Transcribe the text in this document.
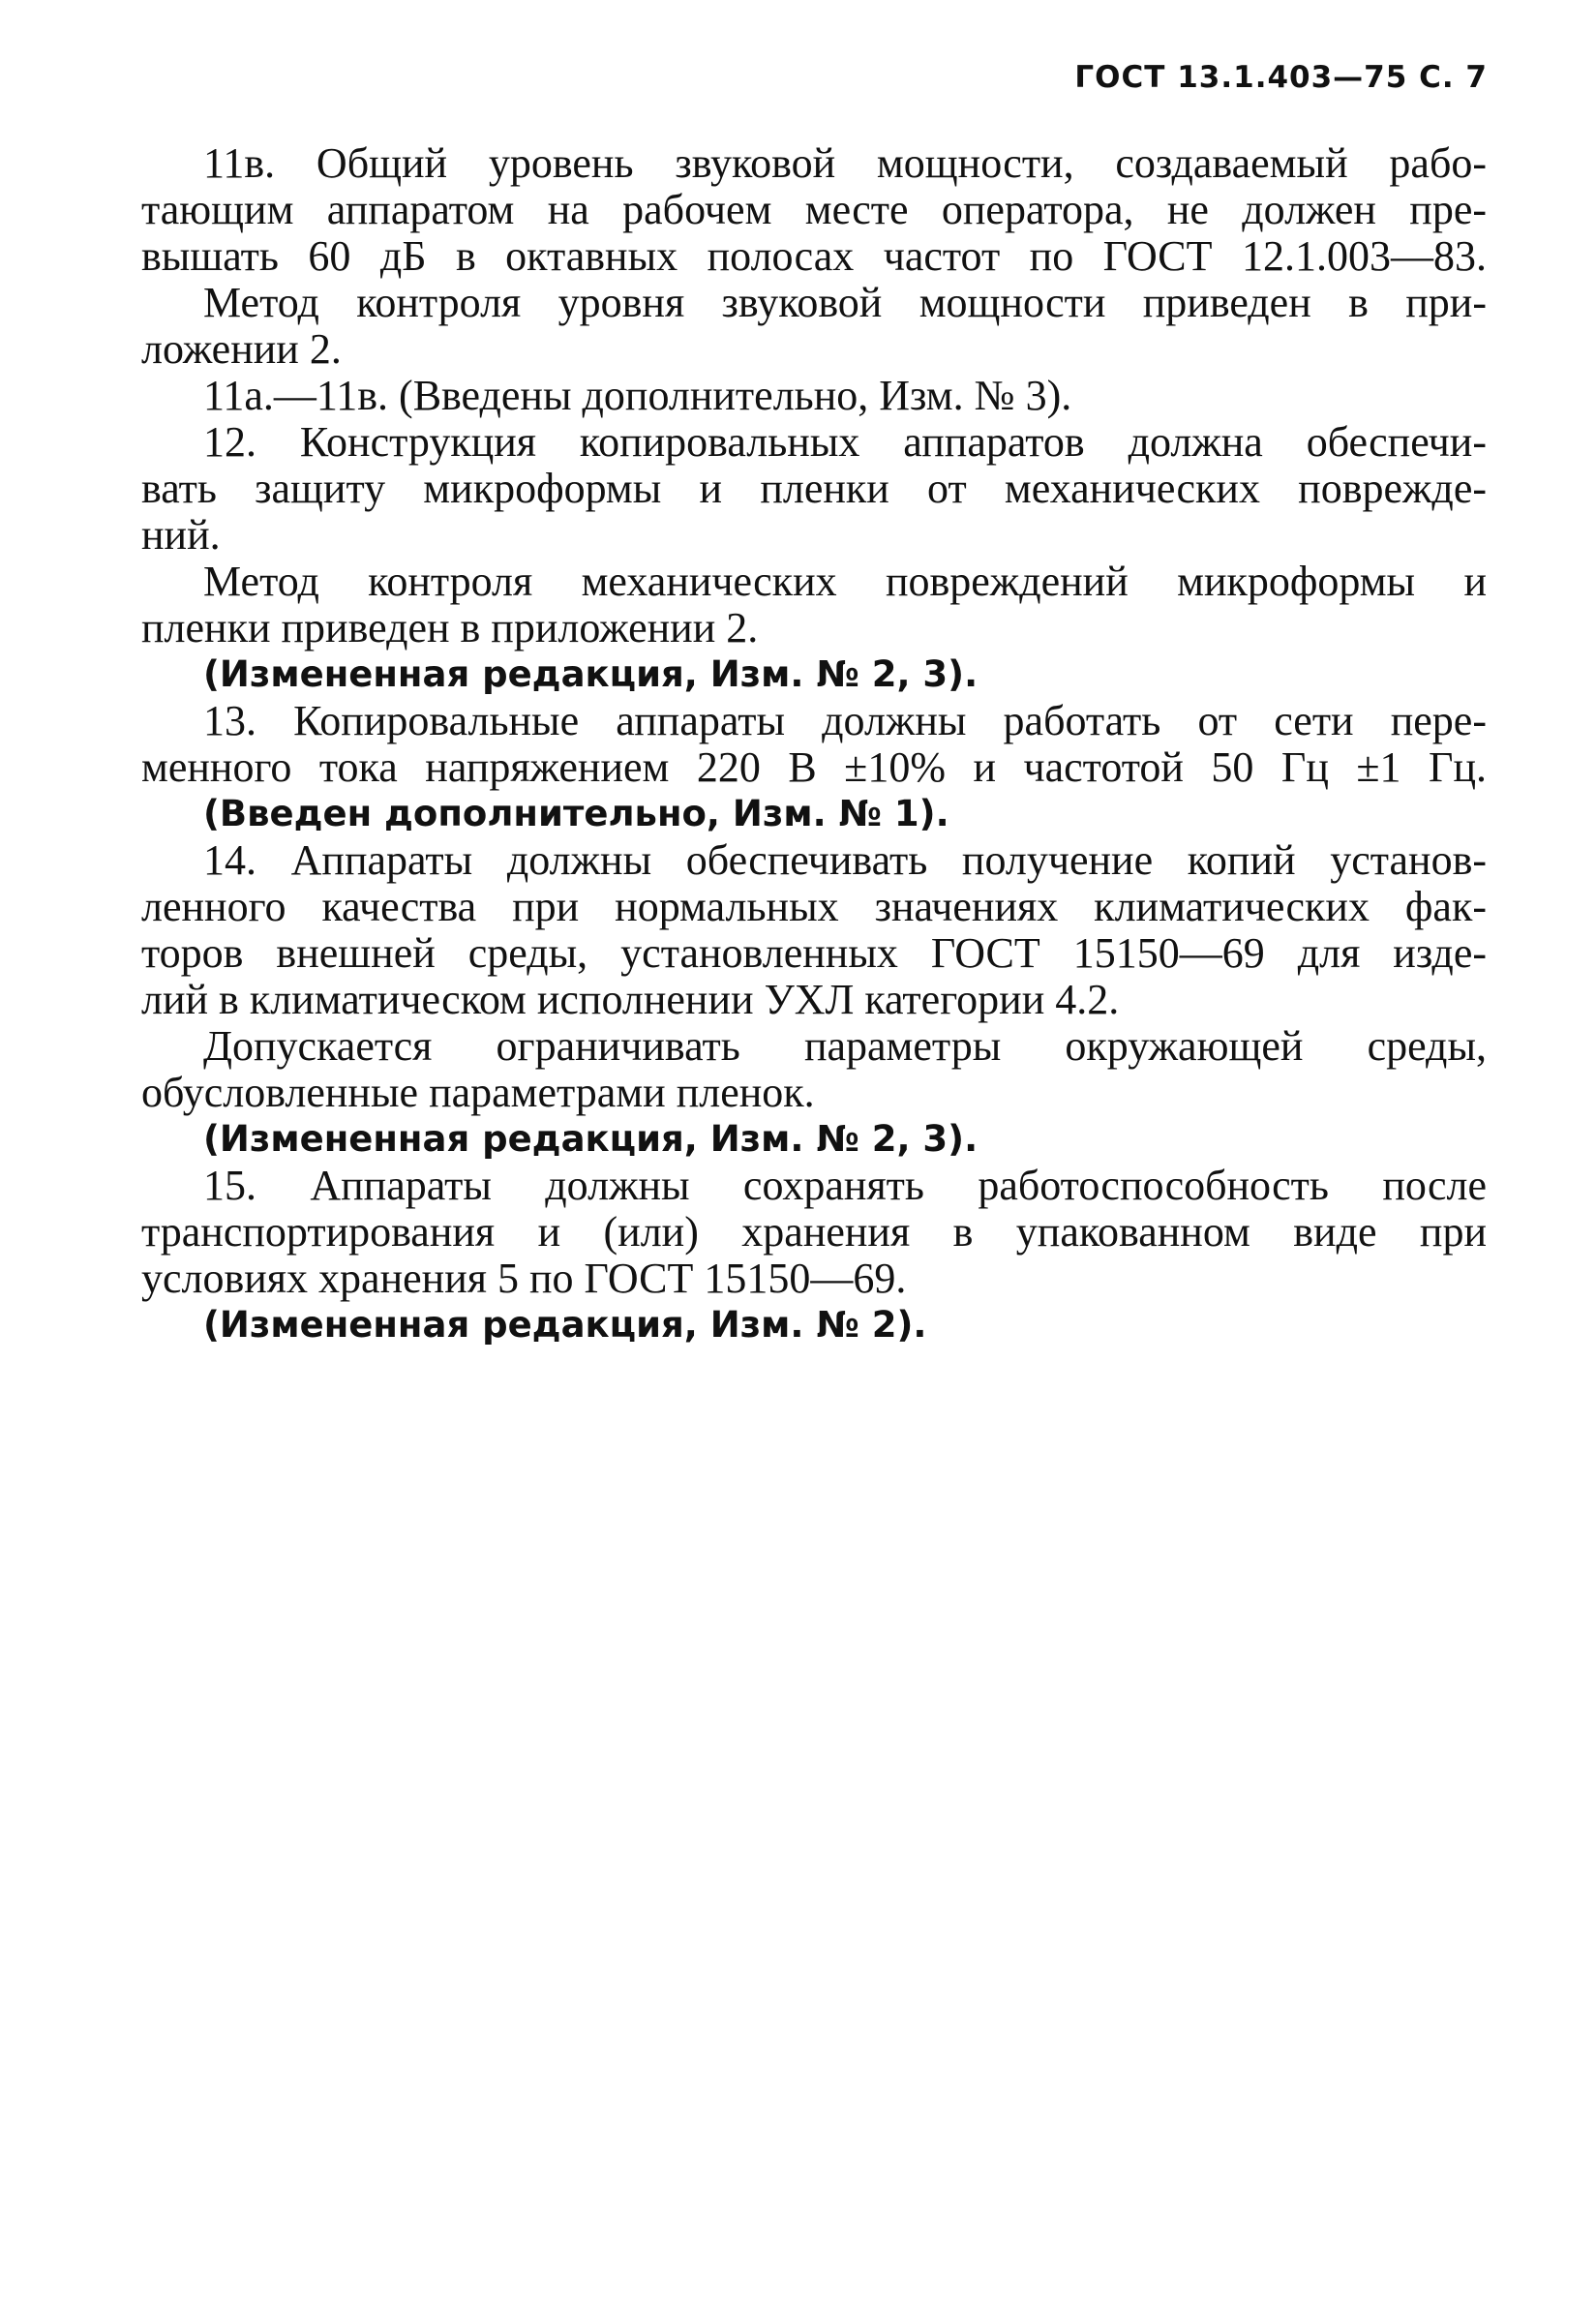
ГОСТ 13.1.403—75 С. 7
11в. Общий уровень звуковой мощности, создаваемый рабо-
тающим аппаратом на рабочем месте оператора, не должен пре-
вышать 60 дБ в октавных полосах частот по ГОСТ 12.1.003—83.
Метод контроля уровня звуковой мощности приведен в при-
ложении 2.
11а.—11в. (Введены дополнительно, Изм. № 3).
12. Конструкция копировальных аппаратов должна обеспечи-
вать защиту микроформы и пленки от механических поврежде-
ний.
Метод контроля механических повреждений микроформы и
пленки приведен в приложении 2.
(Измененная редакция, Изм. № 2, 3).
13. Копировальные аппараты должны работать от сети пере-
менного тока напряжением 220 В ±10% и частотой 50 Гц ±1 Гц.
(Введен дополнительно, Изм. № 1).
14. Аппараты должны обеспечивать получение копий установ-
ленного качества при нормальных значениях климатических фак-
торов внешней среды, установленных ГОСТ 15150—69 для изде-
лий в климатическом исполнении УХЛ категории 4.2.
Допускается ограничивать параметры окружающей среды,
обусловленные параметрами пленок.
(Измененная редакция, Изм. № 2, 3).
15. Аппараты должны сохранять работоспособность после
транспортирования и (или) хранения в упакованном виде при
условиях хранения 5 по ГОСТ 15150—69.
(Измененная редакция, Изм. № 2).
